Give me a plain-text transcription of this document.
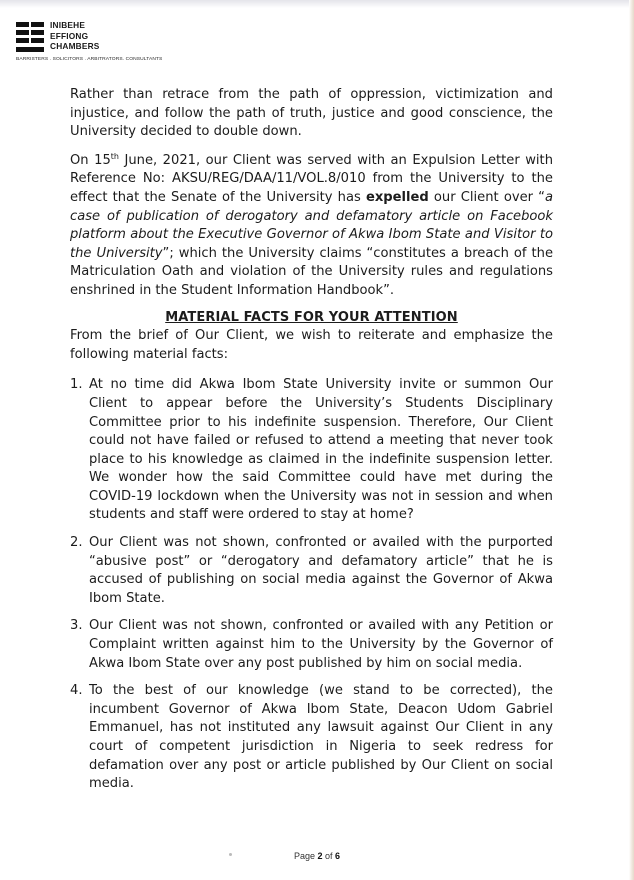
INIBEHE
EFFIONG
CHAMBERS
BARRISTERS . SOLICITORS . ARBITRATORS. CONSULTANTS

Rather than retrace from the path of oppression, victimization and injustice, and follow the path of truth, justice and good conscience, the University decided to double down.

On 15th June, 2021, our Client was served with an Expulsion Letter with Reference No: AKSU/REG/DAA/11/VOL.8/010 from the University to the effect that the Senate of the University has expelled our Client over “a case of publication of derogatory and defamatory article on Facebook platform about the Executive Governor of Akwa Ibom State and Visitor to the University”; which the University claims “constitutes a breach of the Matriculation Oath and violation of the University rules and regulations enshrined in the Student Information Handbook”.

MATERIAL FACTS FOR YOUR ATTENTION

From the brief of Our Client, we wish to reiterate and emphasize the following material facts:

1. At no time did Akwa Ibom State University invite or summon Our Client to appear before the University’s Students Disciplinary Committee prior to his indefinite suspension. Therefore, Our Client could not have failed or refused to attend a meeting that never took place to his knowledge as claimed in the indefinite suspension letter. We wonder how the said Committee could have met during the COVID-19 lockdown when the University was not in session and when students and staff were ordered to stay at home?
2. Our Client was not shown, confronted or availed with the purported “abusive post” or “derogatory and defamatory article” that he is accused of publishing on social media against the Governor of Akwa Ibom State.
3. Our Client was not shown, confronted or availed with any Petition or Complaint written against him to the University by the Governor of Akwa Ibom State over any post published by him on social media.
4. To the best of our knowledge (we stand to be corrected), the incumbent Governor of Akwa Ibom State, Deacon Udom Gabriel Emmanuel, has not instituted any lawsuit against Our Client in any court of competent jurisdiction in Nigeria to seek redress for defamation over any post or article published by Our Client on social media.
Page 2 of 6
